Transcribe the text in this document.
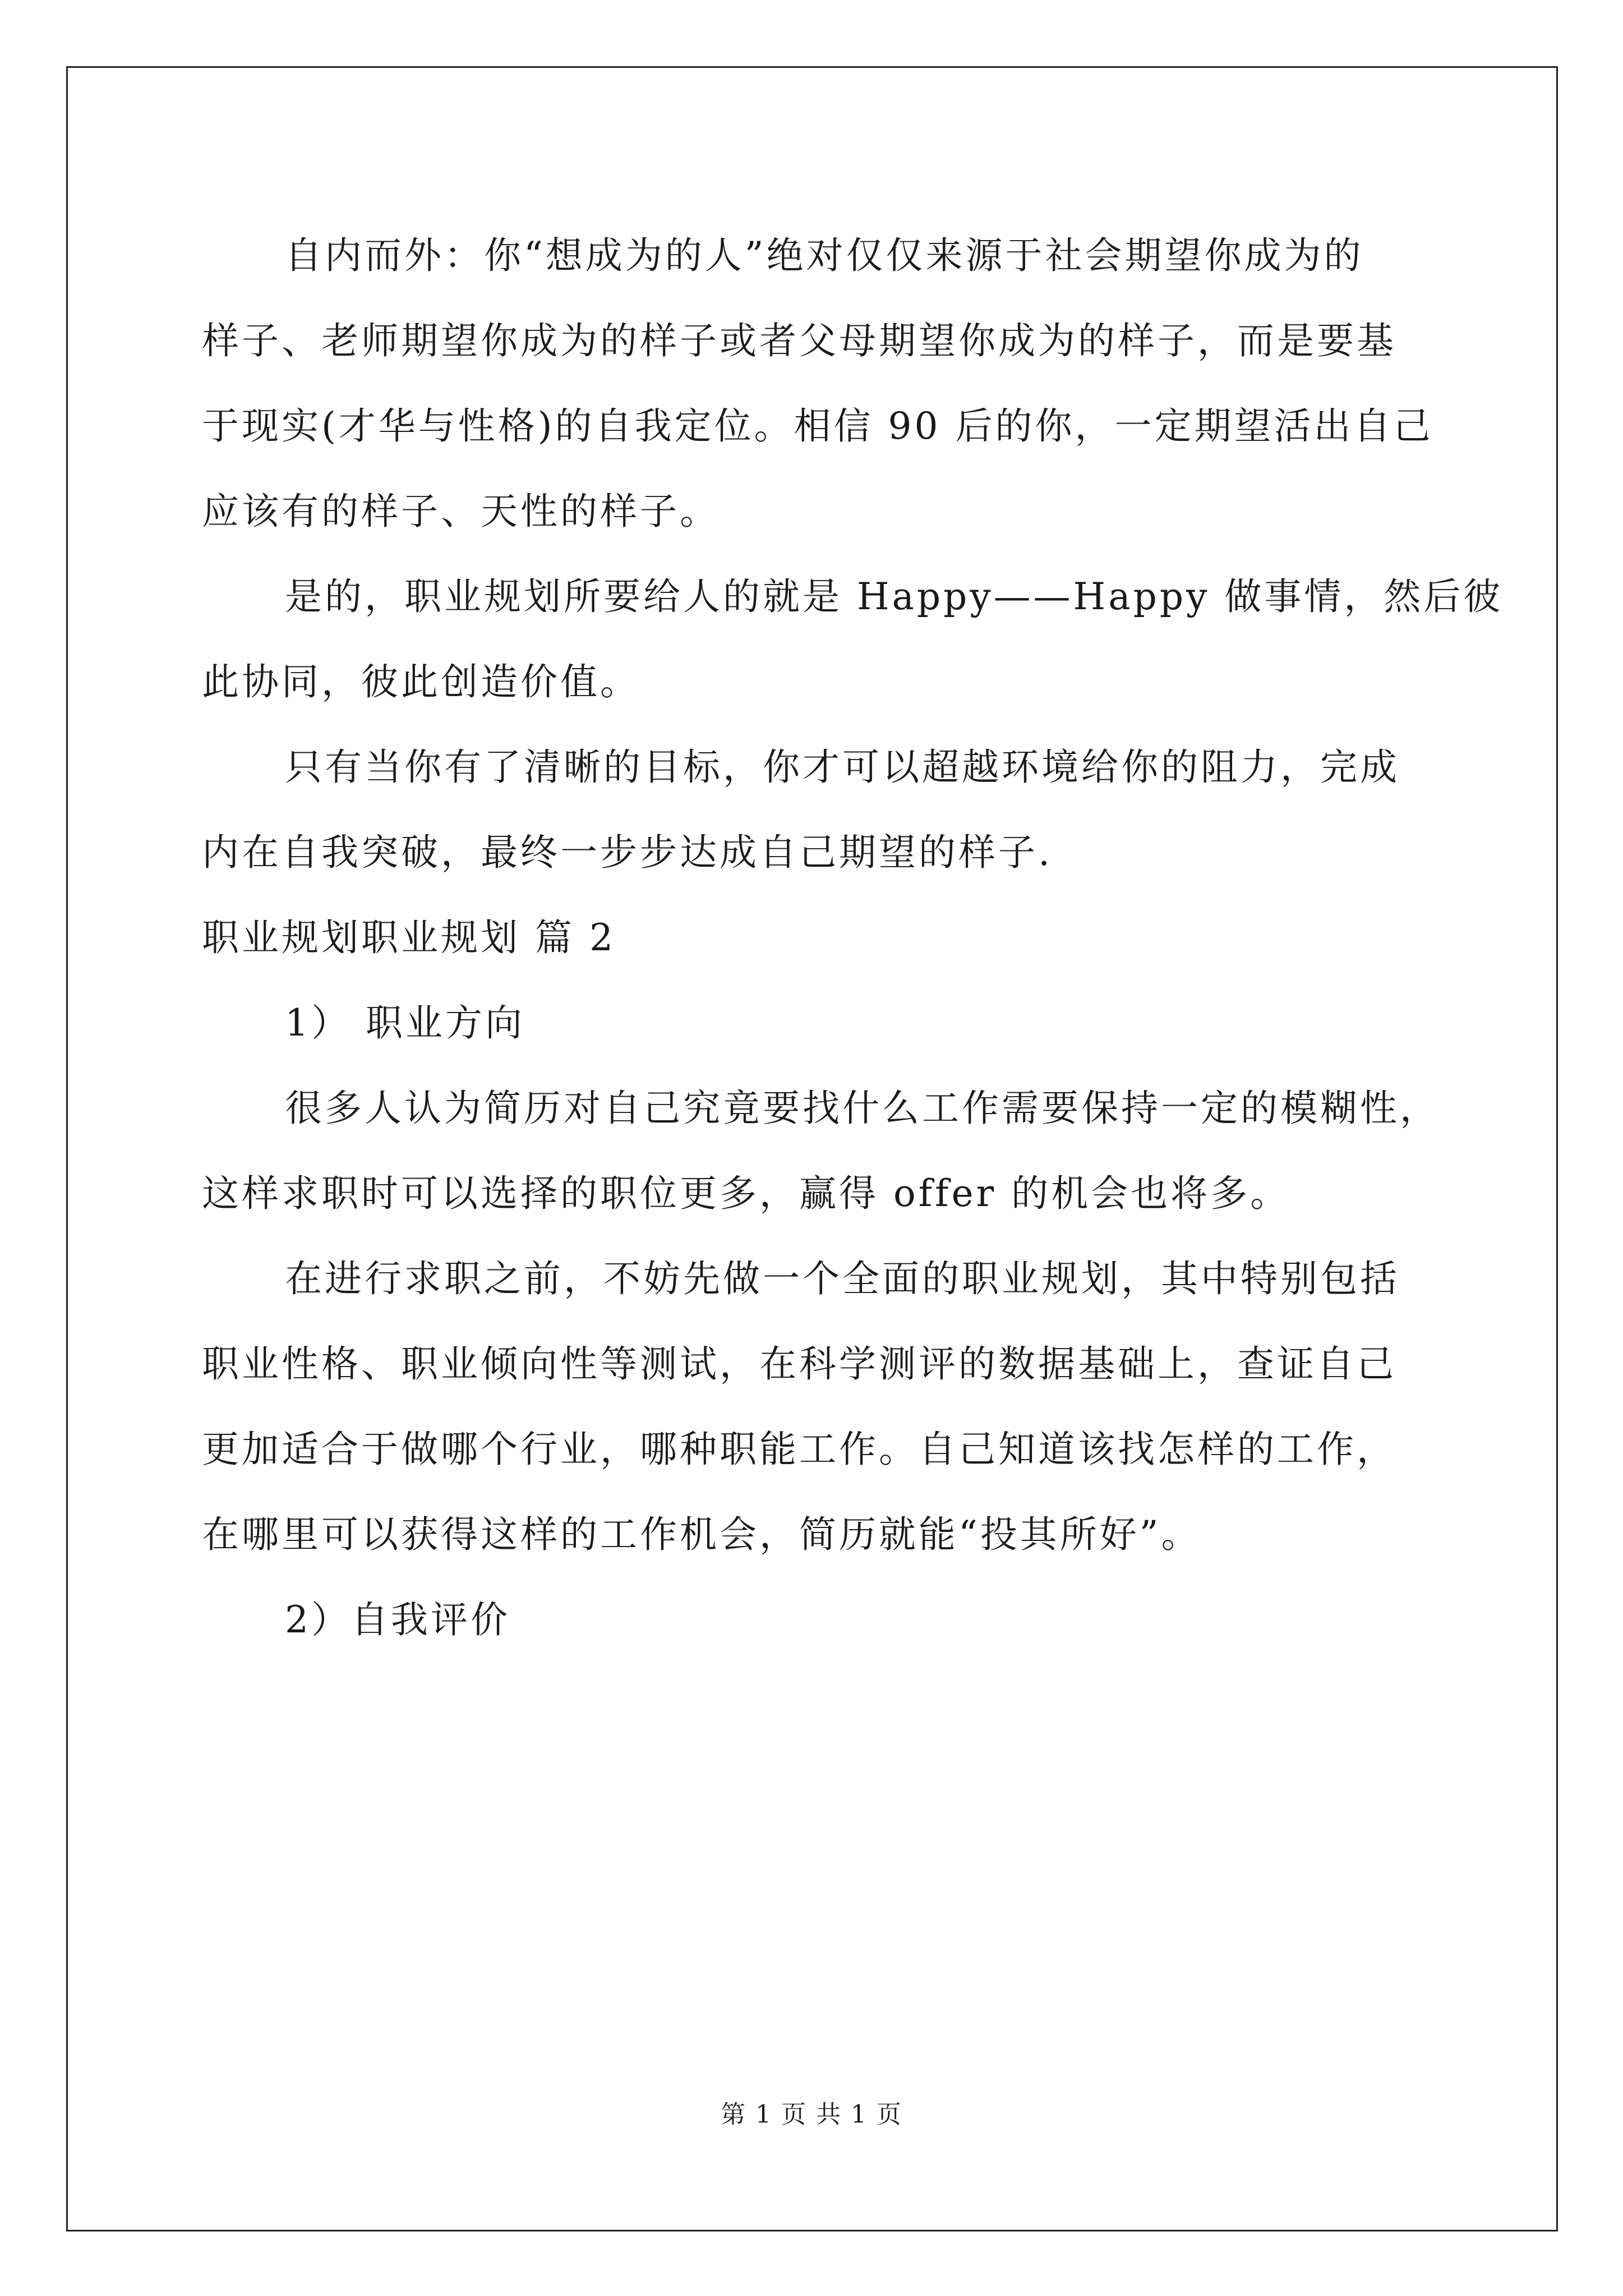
自内而外：你“想成为的人”绝对仅仅来源于社会期望你成为的

样子、老师期望你成为的样子或者父母期望你成为的样子，而是要基

于现实(才华与性格)的自我定位。相信 90 后的你，一定期望活出自己

应该有的样子、天性的样子。

是的，职业规划所要给人的就是 Happy——Happy 做事情，然后彼

此协同，彼此创造价值。

只有当你有了清晰的目标，你才可以超越环境给你的阻力，完成

内在自我突破，最终一步步达成自己期望的样子.

职业规划职业规划 篇 2

1） 职业方向

很多人认为简历对自己究竟要找什么工作需要保持一定的模糊性，

这样求职时可以选择的职位更多，赢得 offer 的机会也将多。

在进行求职之前，不妨先做一个全面的职业规划，其中特别包括

职业性格、职业倾向性等测试，在科学测评的数据基础上，查证自己

更加适合于做哪个行业，哪种职能工作。自己知道该找怎样的工作，

在哪里可以获得这样的工作机会，简历就能“投其所好”。

2）自我评价

第 1 页 共 1 页
